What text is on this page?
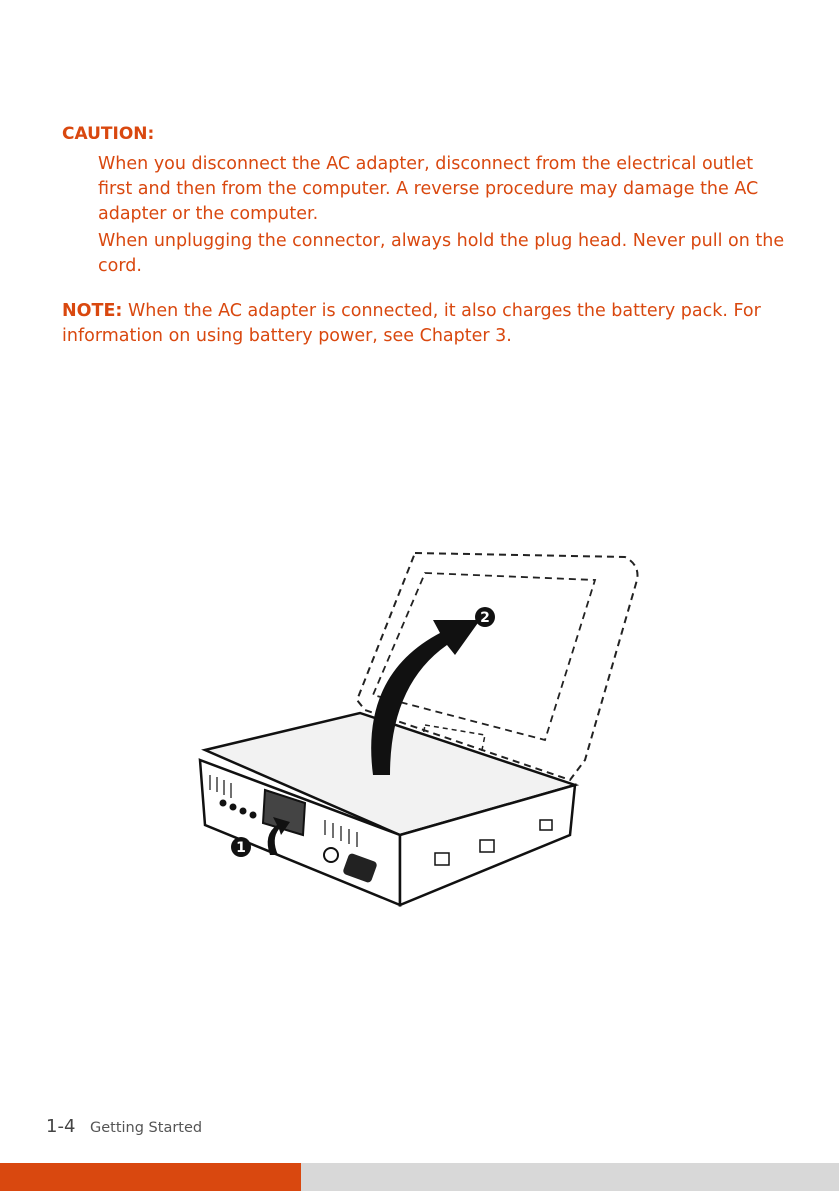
CAUTION:

When you disconnect the AC adapter, disconnect from the electrical outlet first and then from the computer. A reverse procedure may damage the AC adapter or the computer.

When unplugging the connector, always hold the plug head. Never pull on the cord.

NOTE: When the AC adapter is connected, it also charges the battery pack. For information on using battery power, see Chapter 3.

2
1

1-4 Getting Started
